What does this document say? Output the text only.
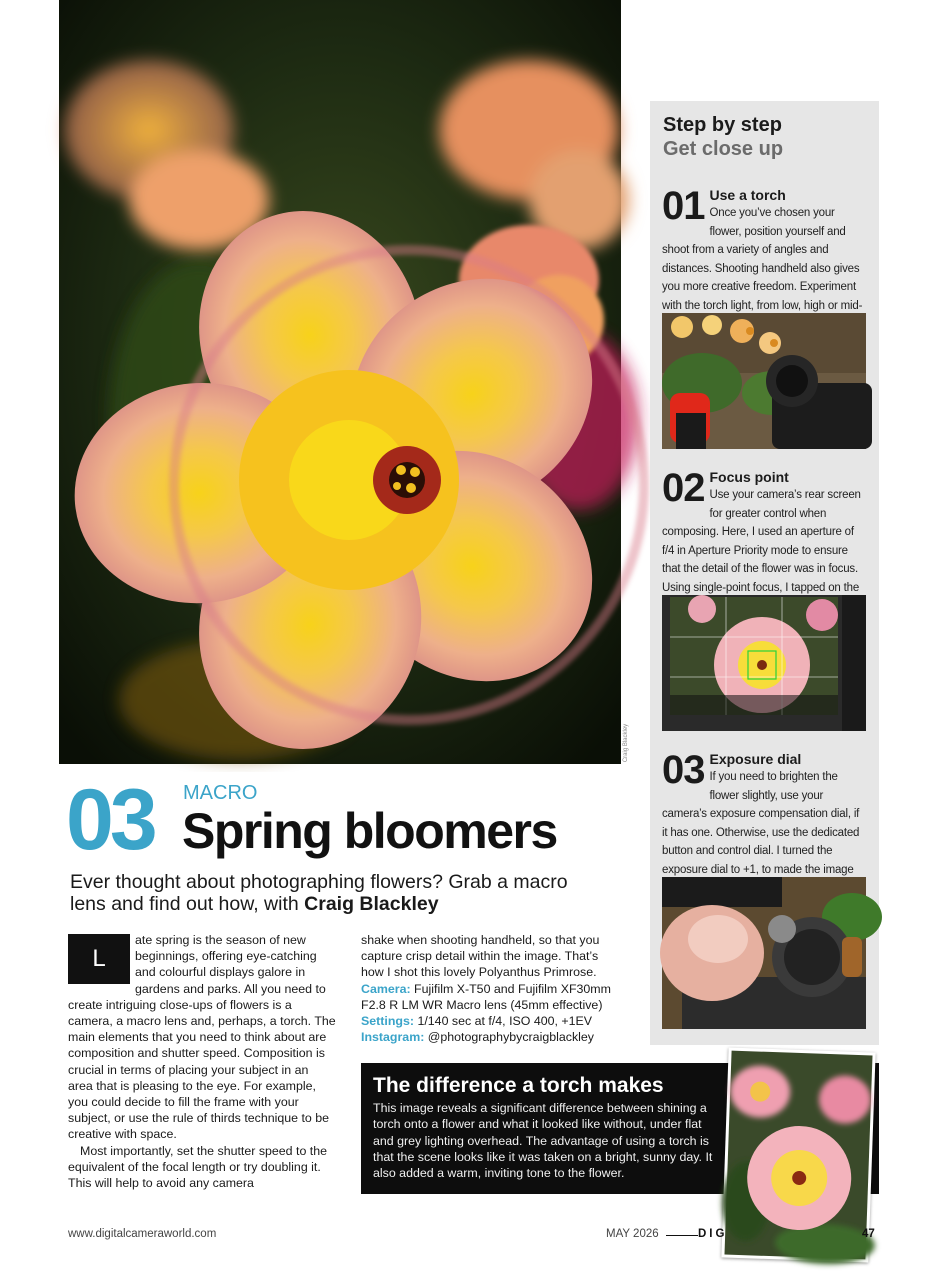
Craig Blackley
Step by step
Get close up
01 Use a torch
Once you’ve chosen your flower, position yourself and shoot from a variety of angles and distances. Shooting handheld also gives you more creative freedom. Experiment with the torch light, from low, high or mid-
02 Focus point
Use your camera’s rear screen for greater control when composing. Here, I used an aperture of f/4 in Aperture Priority mode to ensure that the detail of the flower was in focus. Using single-point focus, I tapped on the
03 Exposure dial
If you need to brighten the flower slightly, use your camera’s exposure compensation dial, if it has one. Otherwise, use the dedicated button and control dial. I turned the exposure dial to +1, to made the image
03 MACRO
Spring bloomers
Ever thought about photographing flowers? Grab a macro lens and find out how, with Craig Blackley
L
ate spring is the season of new beginnings, offering eye-catching and colourful displays galore in gardens and parks. All you need to create intriguing close-ups of flowers is a camera, a macro lens and, perhaps, a torch. The main elements that you need to think about are composition and shutter speed. Composition is crucial in terms of placing your subject in an area that is pleasing to the eye. For example, you could decide to fill the frame with your subject, or use the rule of thirds technique to be creative with space.
Most importantly, set the shutter speed to the equivalent of the focal length or try doubling it. This will help to avoid any camera
shake when shooting handheld, so that you capture crisp detail within the image. That’s how I shot this lovely Polyanthus Primrose.
Camera: Fujifilm X-T50 and Fujifilm XF30mm F2.8 R LM WR Macro lens (45mm effective)
Settings: 1/140 sec at f/4, ISO 400, +1EV
Instagram: @photographybycraigblackley
The difference a torch makes
This image reveals a significant difference between shining a torch onto a flower and what it looked like without, under flat and grey lighting overhead. The advantage of using a torch is that the scene looks like it was taken on a bright, sunny day. It also added a warm, inviting tone to the flower.
www.digitalcameraworld.com	MAY 2026	DIG	47
